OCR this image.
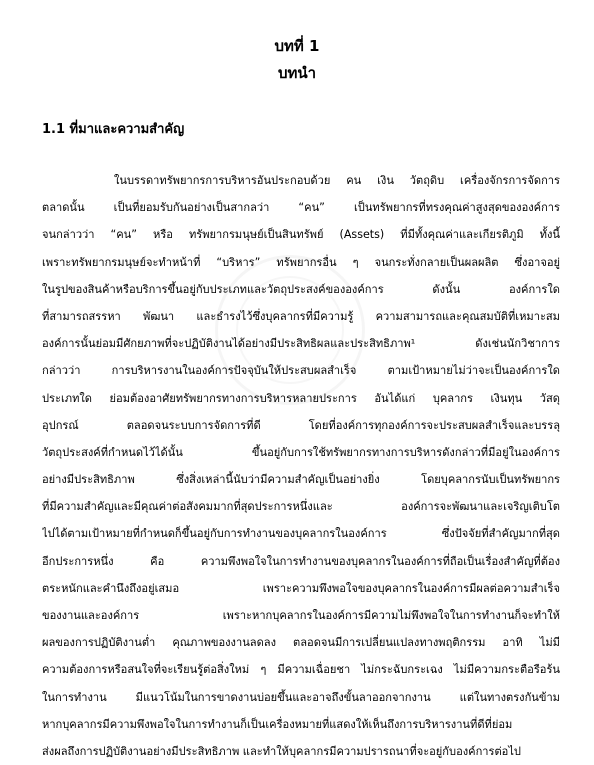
บทที่ 1
บทนำ
1.1 ที่มาและความสำคัญ
ในบรรดาทรัพยากรการบริหารอันประกอบด้วย คน เงิน วัตถุดิบ เครื่องจักรการจัดการ
ตลาดนั้น เป็นที่ยอมรับกันอย่างเป็นสากลว่า “คน” เป็นทรัพยากรที่ทรงคุณค่าสูงสุดขององค์การ
จนกล่าวว่า “คน” หรือ ทรัพยากรมนุษย์เป็นสินทรัพย์ (Assets) ที่มีทั้งคุณค่าและเกียรติภูมิ ทั้งนี้
เพราะทรัพยากรมนุษย์จะทำหน้าที่ “บริหาร” ทรัพยากรอื่น ๆ จนกระทั่งกลายเป็นผลผลิต ซึ่งอาจอยู่
ในรูปของสินค้าหรือบริการขึ้นอยู่กับประเภทและวัตถุประสงค์ขององค์การ ดังนั้น องค์การใด
ที่สามารถสรรหา พัฒนา และธำรงไว้ซึ่งบุคลากรที่มีความรู้ ความสามารถและคุณสมบัติที่เหมาะสม
องค์การนั้นย่อมมีศักยภาพที่จะปฏิบัติงานได้อย่างมีประสิทธิผลและประสิทธิภาพ¹ ดังเช่นนักวิชาการ
กล่าวว่า การบริหารงานในองค์การปัจจุบันให้ประสบผลสำเร็จ ตามเป้าหมายไม่ว่าจะเป็นองค์การใด
ประเภทใด ย่อมต้องอาศัยทรัพยากรทางการบริหารหลายประการ อันได้แก่ บุคลากร เงินทุน วัสดุ
อุปกรณ์ ตลอดจนระบบการจัดการที่ดี โดยที่องค์การทุกองค์การจะประสบผลสำเร็จและบรรลุ
วัตถุประสงค์ที่กำหนดไว้ได้นั้น ขึ้นอยู่กับการใช้ทรัพยากรทางการบริหารดังกล่าวที่มีอยู่ในองค์การ
อย่างมีประสิทธิภาพ ซึ่งสิ่งเหล่านี้นับว่ามีความสำคัญเป็นอย่างยิ่ง โดยบุคลากรนับเป็นทรัพยากร
ที่มีความสำคัญและมีคุณค่าต่อสังคมมากที่สุดประการหนึ่งและ องค์การจะพัฒนาและเจริญเติบโต
ไปได้ตามเป้าหมายที่กำหนดก็ขึ้นอยู่กับการทำงานของบุคลากรในองค์การ ซึ่งปัจจัยที่สำคัญมากที่สุด
อีกประการหนึ่ง คือ ความพึงพอใจในการทำงานของบุคลากรในองค์การที่ถือเป็นเรื่องสำคัญที่ต้อง
ตระหนักและคำนึงถึงอยู่เสมอ เพราะความพึงพอใจของบุคลากรในองค์การมีผลต่อความสำเร็จ
ของงานและองค์การ เพราะหากบุคลากรในองค์การมีความไม่พึงพอใจในการทำงานก็จะทำให้
ผลของการปฏิบัติงานต่ำ คุณภาพของงานลดลง ตลอดจนมีการเปลี่ยนแปลงทางพฤติกรรม อาทิ ไม่มี
ความต้องการหรือสนใจที่จะเรียนรู้ต่อสิ่งใหม่ ๆ มีความเฉื่อยชา ไม่กระฉับกระเฉง ไม่มีความกระตือรือร้น
ในการทำงาน มีแนวโน้มในการขาดงานบ่อยขึ้นและอาจถึงขั้นลาออกจากงาน แต่ในทางตรงกันข้าม
หากบุคลากรมีความพึงพอใจในการทำงานก็เป็นเครื่องหมายที่แสดงให้เห็นถึงการบริหารงานที่ดีที่ย่อม
ส่งผลถึงการปฏิบัติงานอย่างมีประสิทธิภาพ และทำให้บุคลากรมีความปรารถนาที่จะอยู่กับองค์การต่อไป
